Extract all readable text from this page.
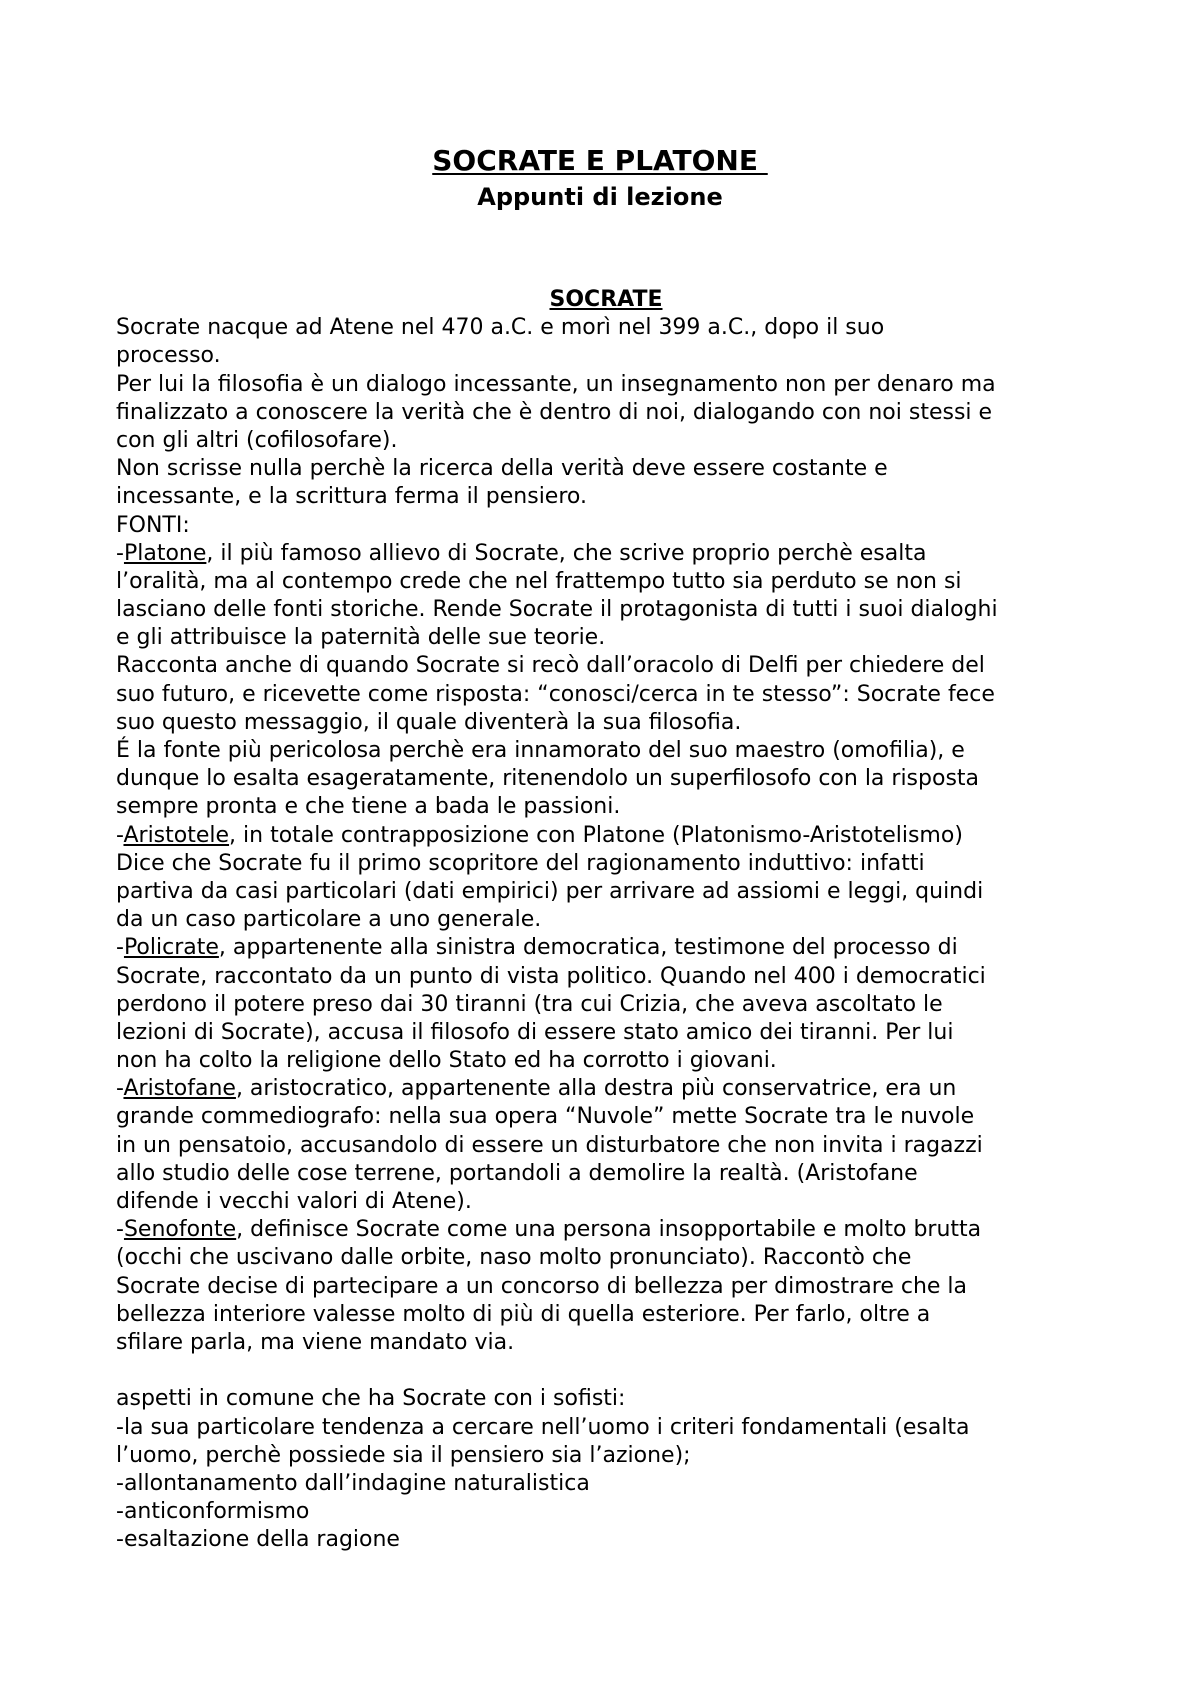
SOCRATE E PLATONE
Appunti di lezione
SOCRATE
Socrate nacque ad Atene nel 470 a.C. e morì nel 399 a.C., dopo il suo
processo.
Per lui la filosofia è un dialogo incessante, un insegnamento non per denaro ma
finalizzato a conoscere la verità che è dentro di noi, dialogando con noi stessi e
con gli altri (cofilosofare).
Non scrisse nulla perchè la ricerca della verità deve essere costante e
incessante, e la scrittura ferma il pensiero.
FONTI:
-Platone, il più famoso allievo di Socrate, che scrive proprio perchè esalta
l’oralità, ma al contempo crede che nel frattempo tutto sia perduto se non si
lasciano delle fonti storiche. Rende Socrate il protagonista di tutti i suoi dialoghi
e gli attribuisce la paternità delle sue teorie.
Racconta anche di quando Socrate si recò dall’oracolo di Delfi per chiedere del
suo futuro, e ricevette come risposta: “conosci/cerca in te stesso”: Socrate fece
suo questo messaggio, il quale diventerà la sua filosofia.
É la fonte più pericolosa perchè era innamorato del suo maestro (omofilia), e
dunque lo esalta esageratamente, ritenendolo un superfilosofo con la risposta
sempre pronta e che tiene a bada le passioni.
-Aristotele, in totale contrapposizione con Platone (Platonismo-Aristotelismo)
Dice che Socrate fu il primo scopritore del ragionamento induttivo: infatti
partiva da casi particolari (dati empirici) per arrivare ad assiomi e leggi, quindi
da un caso particolare a uno generale.
-Policrate, appartenente alla sinistra democratica, testimone del processo di
Socrate, raccontato da un punto di vista politico. Quando nel 400 i democratici
perdono il potere preso dai 30 tiranni (tra cui Crizia, che aveva ascoltato le
lezioni di Socrate), accusa il filosofo di essere stato amico dei tiranni. Per lui
non ha colto la religione dello Stato ed ha corrotto i giovani.
-Aristofane, aristocratico, appartenente alla destra più conservatrice, era un
grande commediografo: nella sua opera “Nuvole” mette Socrate tra le nuvole
in un pensatoio, accusandolo di essere un disturbatore che non invita i ragazzi
allo studio delle cose terrene, portandoli a demolire la realtà. (Aristofane
difende i vecchi valori di Atene).
-Senofonte, definisce Socrate come una persona insopportabile e molto brutta
(occhi che uscivano dalle orbite, naso molto pronunciato). Raccontò che
Socrate decise di partecipare a un concorso di bellezza per dimostrare che la
bellezza interiore valesse molto di più di quella esteriore. Per farlo, oltre a
sfilare parla, ma viene mandato via.
aspetti in comune che ha Socrate con i sofisti:
-la sua particolare tendenza a cercare nell’uomo i criteri fondamentali (esalta
l’uomo, perchè possiede sia il pensiero sia l’azione);
-allontanamento dall’indagine naturalistica
-anticonformismo
-esaltazione della ragione
